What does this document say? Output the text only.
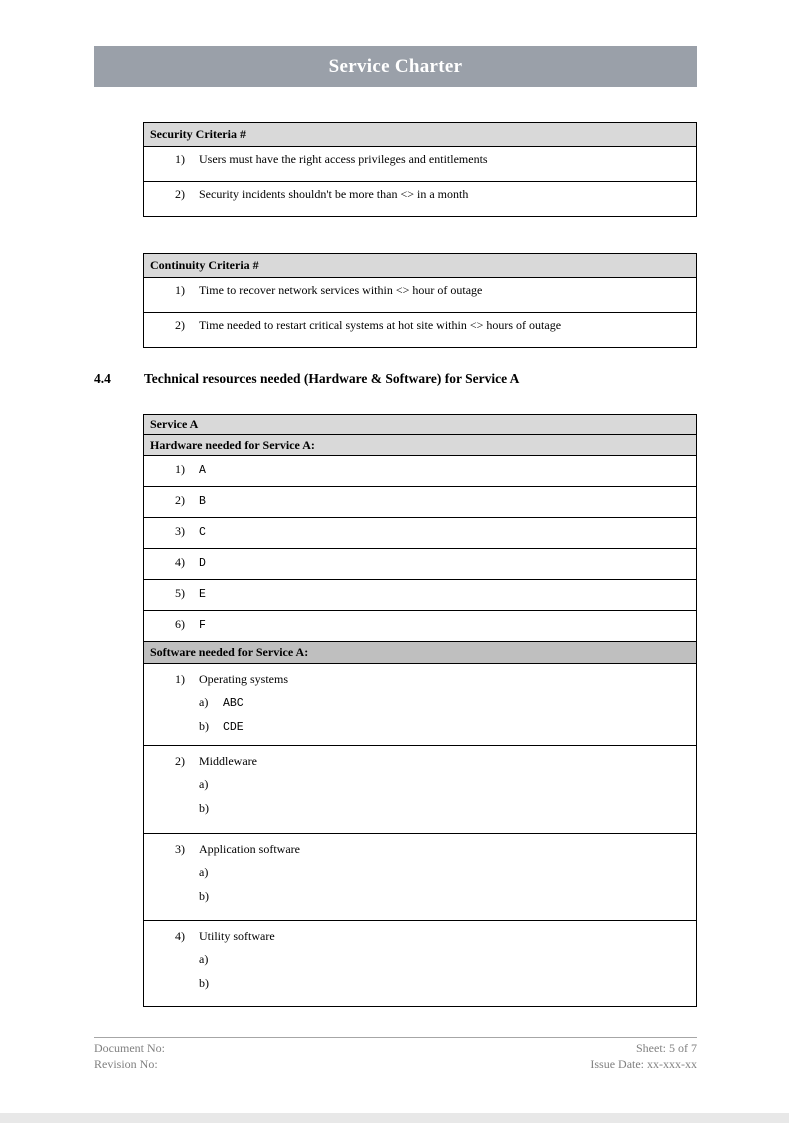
Service Charter
Security Criteria #
1) Users must have the right access privileges and entitlements
2) Security incidents shouldn't be more than <> in a month
Continuity Criteria #
1) Time to recover network services within <> hour of outage
2) Time needed to restart critical systems at hot site within <> hours of outage
4.4 Technical resources needed (Hardware & Software) for Service A
Service A
Hardware needed for Service A:
1) A
2) B
3) C
4) D
5) E
6) F
Software needed for Service A:
1) Operating systems
a) ABC
b) CDE
2) Middleware
a)
b)
3) Application software
a)
b)
4) Utility software
a)
b)
Document No:
Revision No:
Sheet: 5 of 7
Issue Date: xx-xxx-xx
